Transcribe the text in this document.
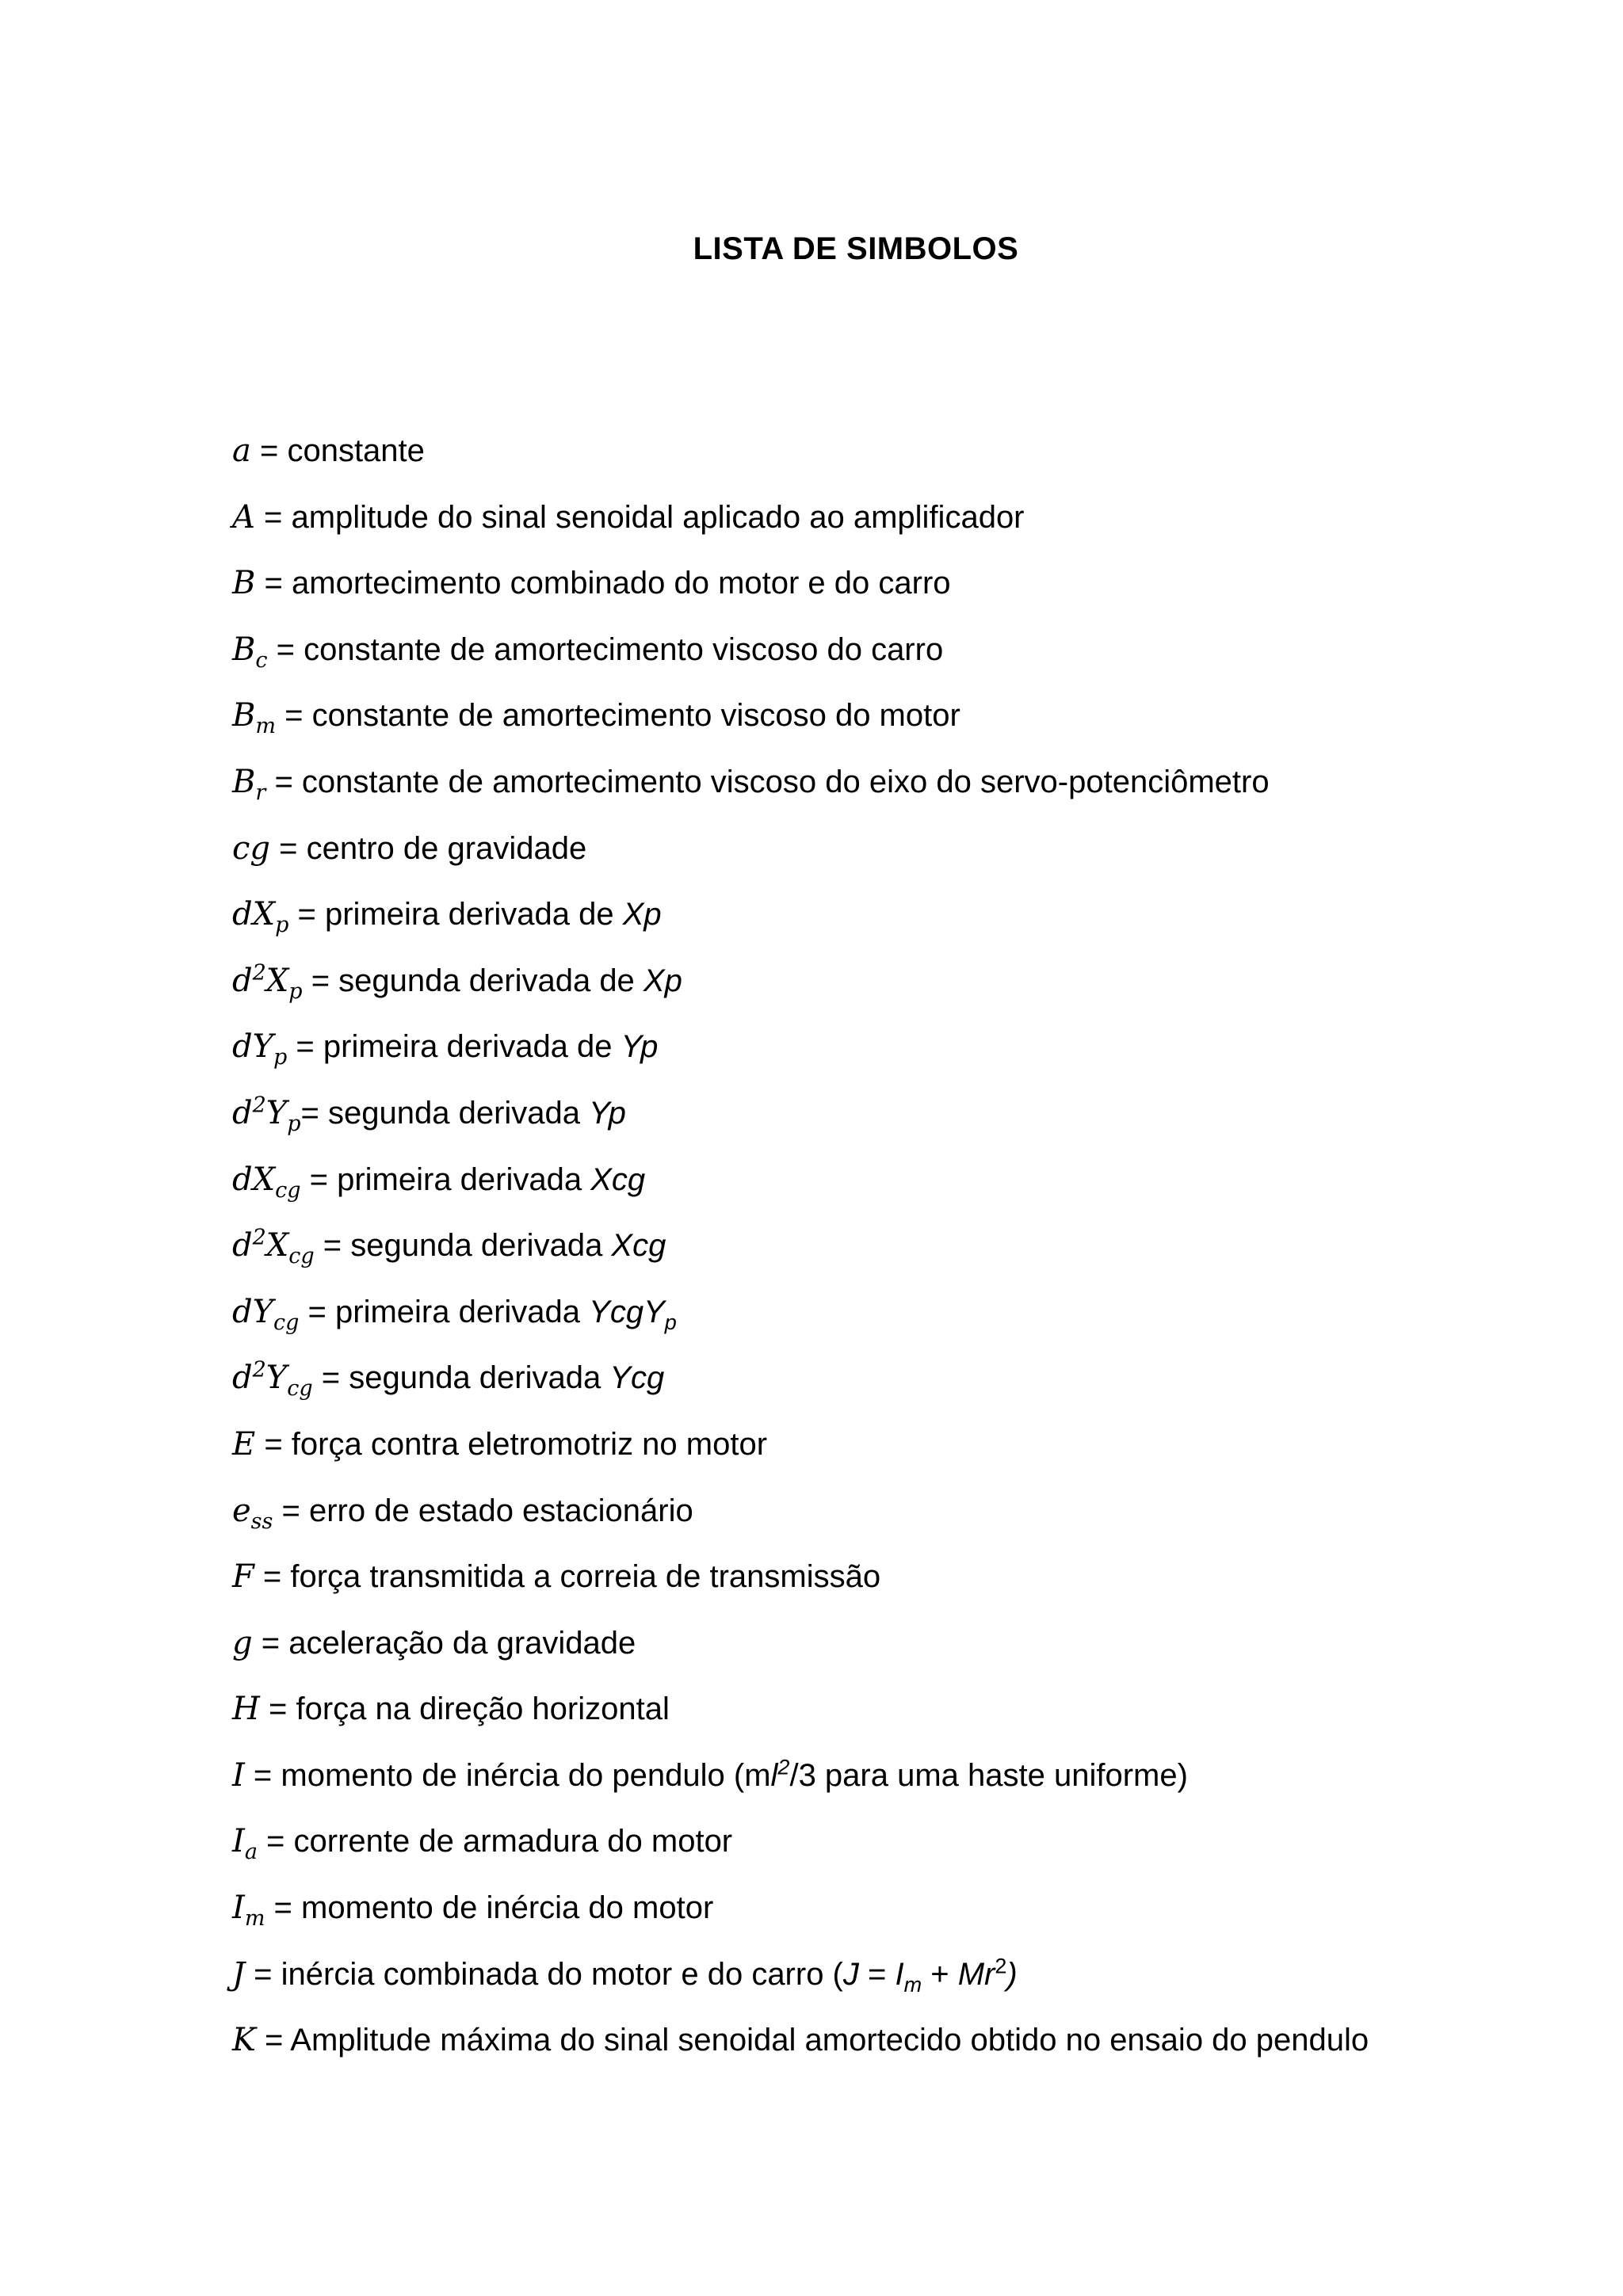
LISTA DE SIMBOLOS
a = constante
A = amplitude do sinal senoidal aplicado ao amplificador
B = amortecimento combinado do motor e do carro
$B_c$ = constante de amortecimento viscoso do carro
$B_m$ = constante de amortecimento viscoso do motor
$B_r$ = constante de amortecimento viscoso do eixo do servo-potenciômetro
cg = centro de gravidade
$dX_p$ = primeira derivada de Xp
$d^2X_p$ = segunda derivada de Xp
$dY_p$ = primeira derivada de Yp
$d^2Y_p=$ segunda derivada Yp
$dX_{cg}$ = primeira derivada Xcg
$d^2X_{cg}$ = segunda derivada Xcg
$dY_{cg}$ = primeira derivada YcgY$_p$
$d^2Y_{cg}$ = segunda derivada Ycg
E = força contra eletromotriz no motor
$e_{ss}$ = erro de estado estacionário
F = força transmitida a correia de transmissão
g = aceleração da gravidade
H = força na direção horizontal
I = momento de inércia do pendulo ($ml^2/3$ para uma haste uniforme)
$I_a$ = corrente de armadura do motor
$I_m$ = momento de inércia do motor
J = inércia combinada do motor e do carro $(J = I_m + Mr^2)$
K = Amplitude máxima do sinal senoidal amortecido obtido no ensaio do pendulo
